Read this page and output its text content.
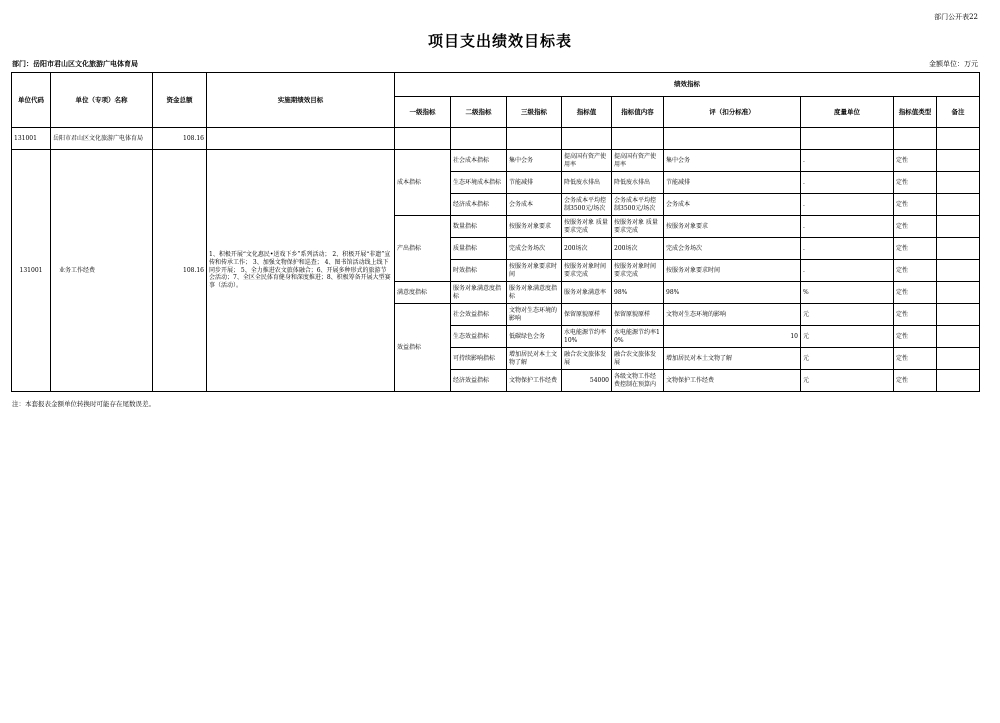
部门公开表22
项目支出绩效目标表
部门：岳阳市君山区文化旅游广电体育局	金额单位：万元
单位代码	单位（专项）名称	资金总额	实施期绩效目标	绩效指标								
				一级指标	二级指标	三级指标	指标值	指标值内容	评（扣分标准）	度量单位	指标值类型	备注
131001	岳阳市君山区文化旅游广电体育局	108.16										
131001	业务工作经费	108.16	1、积极开展“文化惠民•送戏下乡”系列活动； 2、积极开展“非遗”宣传和传承工作； 3、加强文物保护和巡查； 4、图书馆活动线上线下同步开展； 5、全力推进农文旅体融合；6、开展多种形式的旅游节会活动；7、全区全民体育健身和深度推进；8、积极筹备开展大型赛事（活动）。	成本指标	社会成本指标	集中会务	提高国有资产使用率	提高国有资产使用率	集中会务	.	定性	
					生态环境成本指标	节能减排	降低废水排出	降低废水排出	节能减排	.	定性	
					经济成本指标	会务成本	会务成本平均控制3500元/场次	会务成本平均控制3500元/场次	会务成本	.	定性	
				产出指标	数量指标	按服务对象要求	按服务对象 质量要求完成	按服务对象 质量要求完成	按服务对象要求	.	定性	
					质量指标	完成会务场次	200场次	200场次	完成会务场次	.	定性	
					时效指标	按服务对象要求时间	按服务对象时间要求完成	按服务对象时间要求完成	按服务对象要求时间	.	定性	
				满意度指标	服务对象满意度指标	服务对象满意度指标	服务对象满意率	98%	98%	%	定性	
				效益指标	社会效益指标	文物对生态环境的影响	保留原貌原样	保留原貌原样	文物对生态环境的影响	元	定性	
					生态效益指标	低碳绿色会务	水电能源节约率10%	水电能源节约率10%	10	元	定性	
					可持续影响指标	增加居民对本土文物了解	融合农文旅体发展	融合农文旅体发展	增加居民对本土文物了解	元	定性	
					经济效益指标	文物保护工作经费	54000	各级文物工作经费控制在预算内	文物保护工作经费	元	定性	
注：本套报表金额单位转换时可能存在尾数误差。
